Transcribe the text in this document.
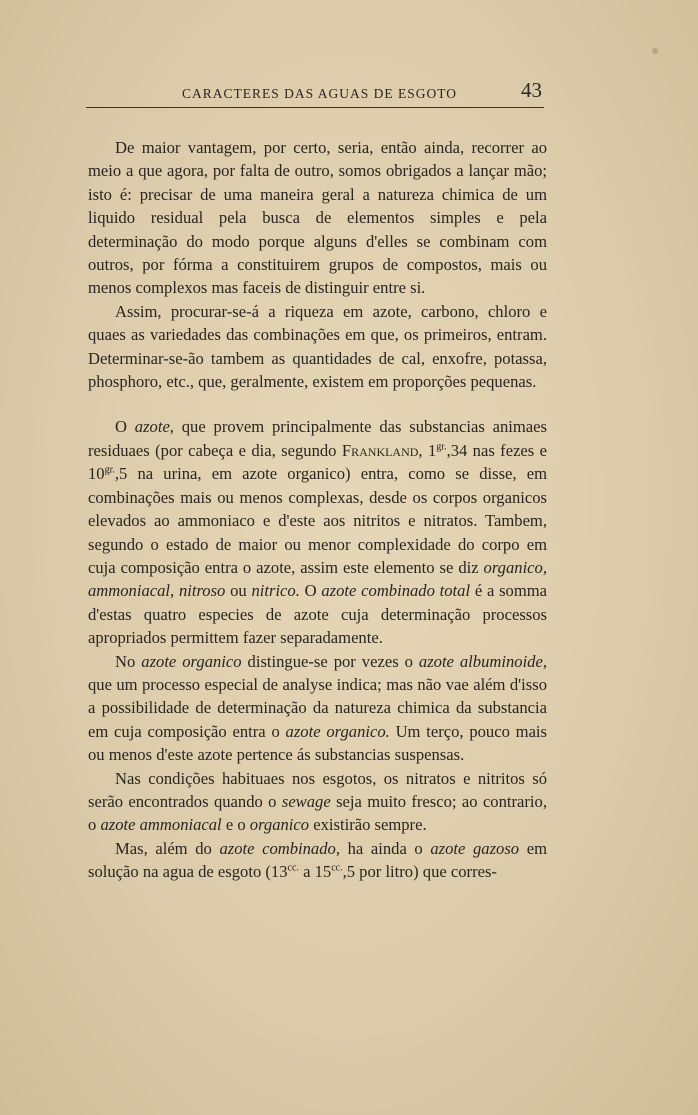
CARACTERES DAS AGUAS DE ESGOTO	43

De maior vantagem, por certo, seria, então ainda, recorrer ao meio a que agora, por falta de outro, somos obrigados a lançar mão; isto é: precisar de uma maneira geral a natureza chimica de um liquido residual pela busca de elementos simples e pela determinação do modo porque alguns d'elles se combinam com outros, por fórma a constituirem grupos de compostos, mais ou menos complexos mas faceis de distinguir entre si.

Assim, procurar-se-á a riqueza em azote, carbono, chloro e quaes as variedades das combinações em que, os primeiros, entram. Determinar-se-ão tambem as quantidades de cal, enxofre, potassa, phosphoro, etc., que, geralmente, existem em proporções pequenas.

O azote, que provem principalmente das substancias animaes residuaes (por cabeça e dia, segundo Frankland, $1^{gr.},34$ nas fezes e $10^{gr.},5$ na urina, em azote organico) entra, como se disse, em combinações mais ou menos complexas, desde os corpos organicos elevados ao ammoniaco e d'este aos nitritos e nitratos. Tambem, segundo o estado de maior ou menor complexidade do corpo em cuja composição entra o azote, assim este elemento se diz organico, ammoniacal, nitroso ou nitrico. O azote combinado total é a somma d'estas quatro especies de azote cuja determinação processos apropriados permittem fazer separadamente.

No azote organico distingue-se por vezes o azote albuminoide, que um processo especial de analyse indica; mas não vae além d'isso a possibilidade de determinação da natureza chimica da substancia em cuja composição entra o azote organico. Um terço, pouco mais ou menos d'este azote pertence ás substancias suspensas.

Nas condições habituaes nos esgotos, os nitratos e nitritos só serão encontrados quando o sewage seja muito fresco; ao contrario, o azote ammoniacal e o organico existirão sempre.

Mas, além do azote combinado, ha ainda o azote gazoso em solução na agua de esgoto ($13^{cc.}$ a $15^{cc.},5$ por litro) que corres-
